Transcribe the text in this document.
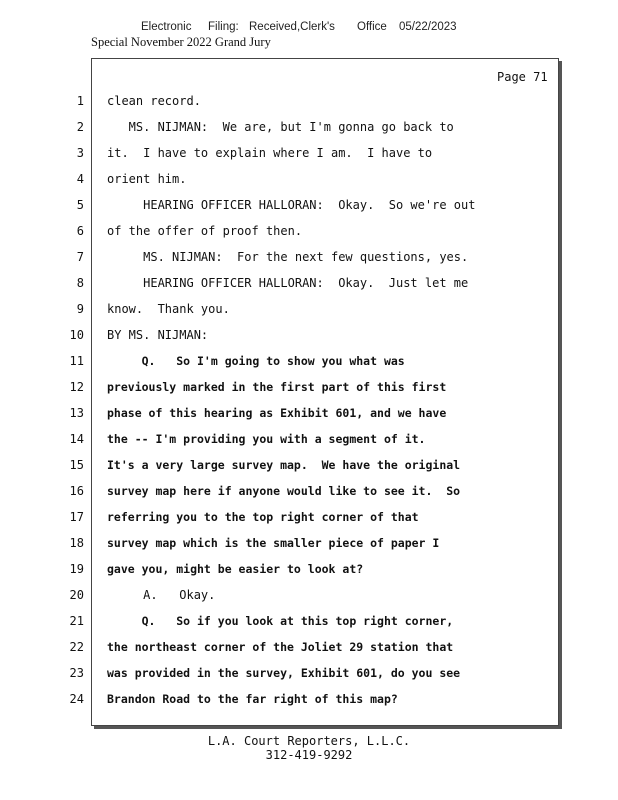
Electronic Filing: Received,Clerk's Office 05/22/2023
Special November 2022 Grand Jury
Page 71
1 clean record.
2 MS. NIJMAN:  We are, but I'm gonna go back to
3 it.  I have to explain where I am.  I have to
4 orient him.
5 HEARING OFFICER HALLORAN:  Okay.  So we're out
6 of the offer of proof then.
7 MS. NIJMAN:  For the next few questions, yes.
8 HEARING OFFICER HALLORAN:  Okay.  Just let me
9 know.  Thank you.
10 BY MS. NIJMAN:
11 Q.   So I'm going to show you what was
12 previously marked in the first part of this first
13 phase of this hearing as Exhibit 601, and we have
14 the -- I'm providing you with a segment of it.
15 It's a very large survey map.  We have the original
16 survey map here if anyone would like to see it.  So
17 referring you to the top right corner of that
18 survey map which is the smaller piece of paper I
19 gave you, might be easier to look at?
20 A.   Okay.
21 Q.   So if you look at this top right corner,
22 the northeast corner of the Joliet 29 station that
23 was provided in the survey, Exhibit 601, do you see
24 Brandon Road to the far right of this map?
L.A. Court Reporters, L.L.C.
312-419-9292
